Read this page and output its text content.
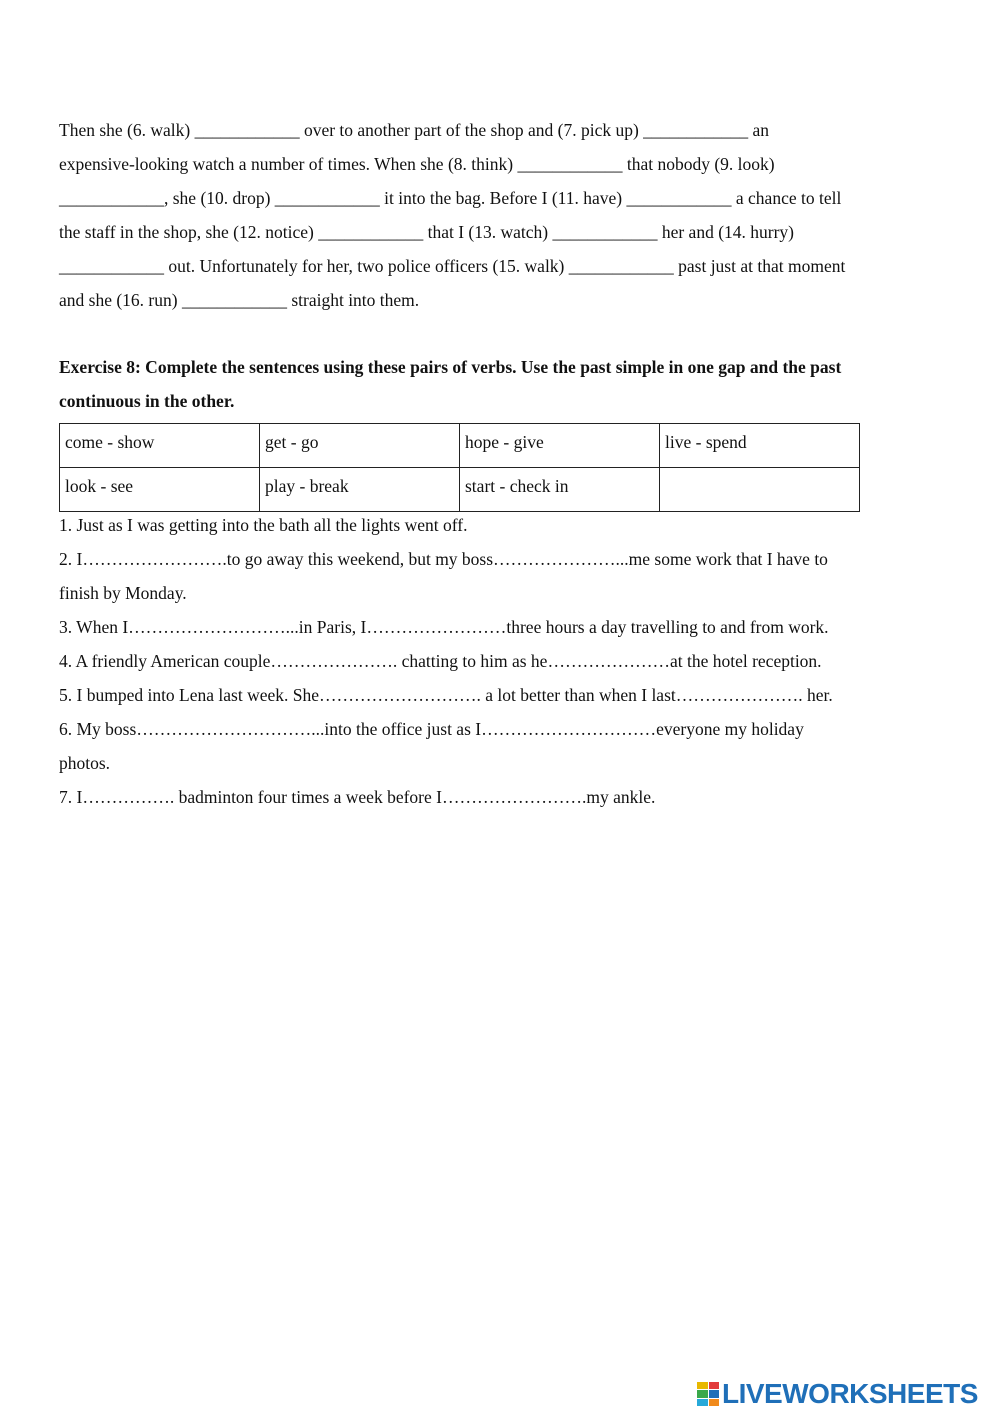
Then she (6. walk) ____________ over to another part of the shop and (7. pick up) ____________ an
expensive-looking watch a number of times. When she (8. think) ____________ that nobody (9. look)
____________, she (10. drop) ____________ it into the bag. Before I (11. have) ____________ a chance to tell
the staff in the shop, she (12. notice) ____________ that I (13. watch) ____________ her and (14. hurry)
____________ out. Unfortunately for her, two police officers (15. walk) ____________ past just at that moment
and she (16. run) ____________ straight into them.
Exercise 8: Complete the sentences using these pairs of verbs. Use the past simple in one gap and the past
continuous in the other.
come - show	get - go	hope - give	live - spend
look - see	play - break	start - check in	
1. Just as I was getting into the bath all the lights went off.
2. I…………………….to go away this weekend, but my boss…………………...me some work that I have to
finish by Monday.
3. When I………………………...in Paris, I……………………three hours a day travelling to and from work.
4. A friendly American couple…………………. chatting to him as he…………………at the hotel reception.
5. I bumped into Lena last week. She………………………. a lot better than when I last…………………. her.
6. My boss…………………………...into the office just as I…………………………everyone my holiday
photos.
7. I……………. badminton four times a week before I…………………….my ankle.
LIVEWORKSHEETS
